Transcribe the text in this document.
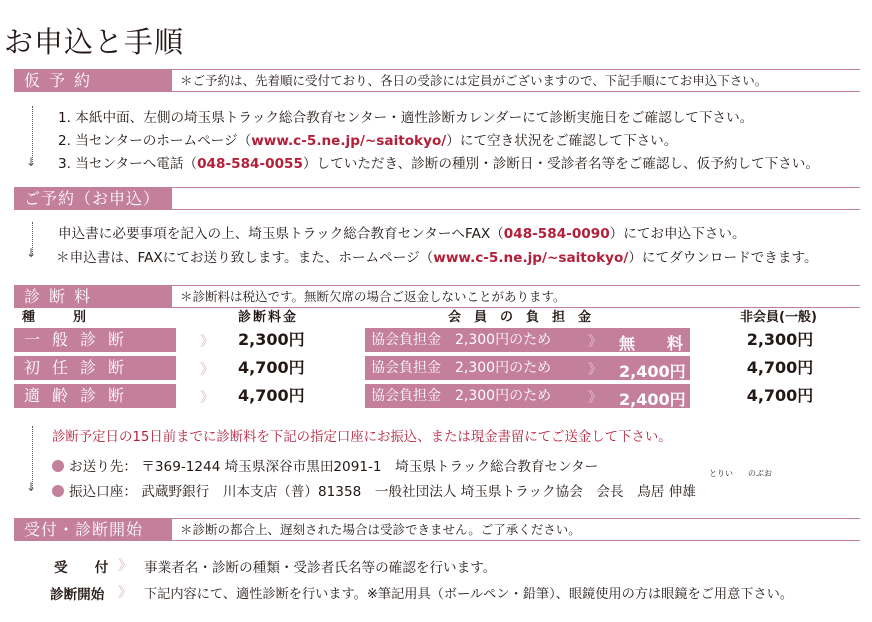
お申込と手順
仮予約	＊ご予約は、先着順に受付ており、各日の受診には定員がございますので、下記手順にてお申込下さい。
↓
1. 本紙中面、左側の埼玉県トラック総合教育センター・適性診断カレンダーにて診断実施日をご確認して下さい。
2. 当センターのホームページ（www.c-5.ne.jp/~saitokyo/）にて空き状況をご確認して下さい。
3. 当センターへ電話（048-584-0055）していただき、診断の種別・診断日・受診者名等をご確認し、仮予約して下さい。
ご予約（お申込）
↓
申込書に必要事項を記入の上、埼玉県トラック総合教育センターへFAX（048-584-0090）にてお申込下さい。
＊申込書は、FAXにてお送り致します。また、ホームページ（www.c-5.ne.jp/~saitokyo/）にてダウンロードできます。
診断料	＊診断料は税込です。無断欠席の場合ご返金しないことがあります。
種　　別	診断料金	会　員　の　負　担　金	非会員(一般)
一般診断	》 2,300円	協会負担金　2,300円のため	》 無　　料	2,300円
初任診断	》 4,700円	協会負担金　2,300円のため	》 2,400円	4,700円
適齢診断	》 4,700円	協会負担金　2,300円のため	》 2,400円	4,700円
↓
診断予定日の15日前までに診断料を下記の指定口座にお振込、または現金書留にてご送金して下さい。
お送り先： 〒369-1244 埼玉県深谷市黒田2091-1　埼玉県トラック総合教育センター	とりい のぶお
振込口座： 武蔵野銀行　川本支店（普）81358　一般社団法人 埼玉県トラック協会　会長　 鳥居 伸雄
受付・診断開始	＊診断の都合上、遅刻された場合は受診できません。ご了承ください。
受　　付 》 事業者名・診断の種類・受診者氏名等の確認を行います。
診断開始 》 下記内容にて、適性診断を行います。※筆記用具（ボールペン・鉛筆）、眼鏡使用の方は眼鏡をご用意下さい。
